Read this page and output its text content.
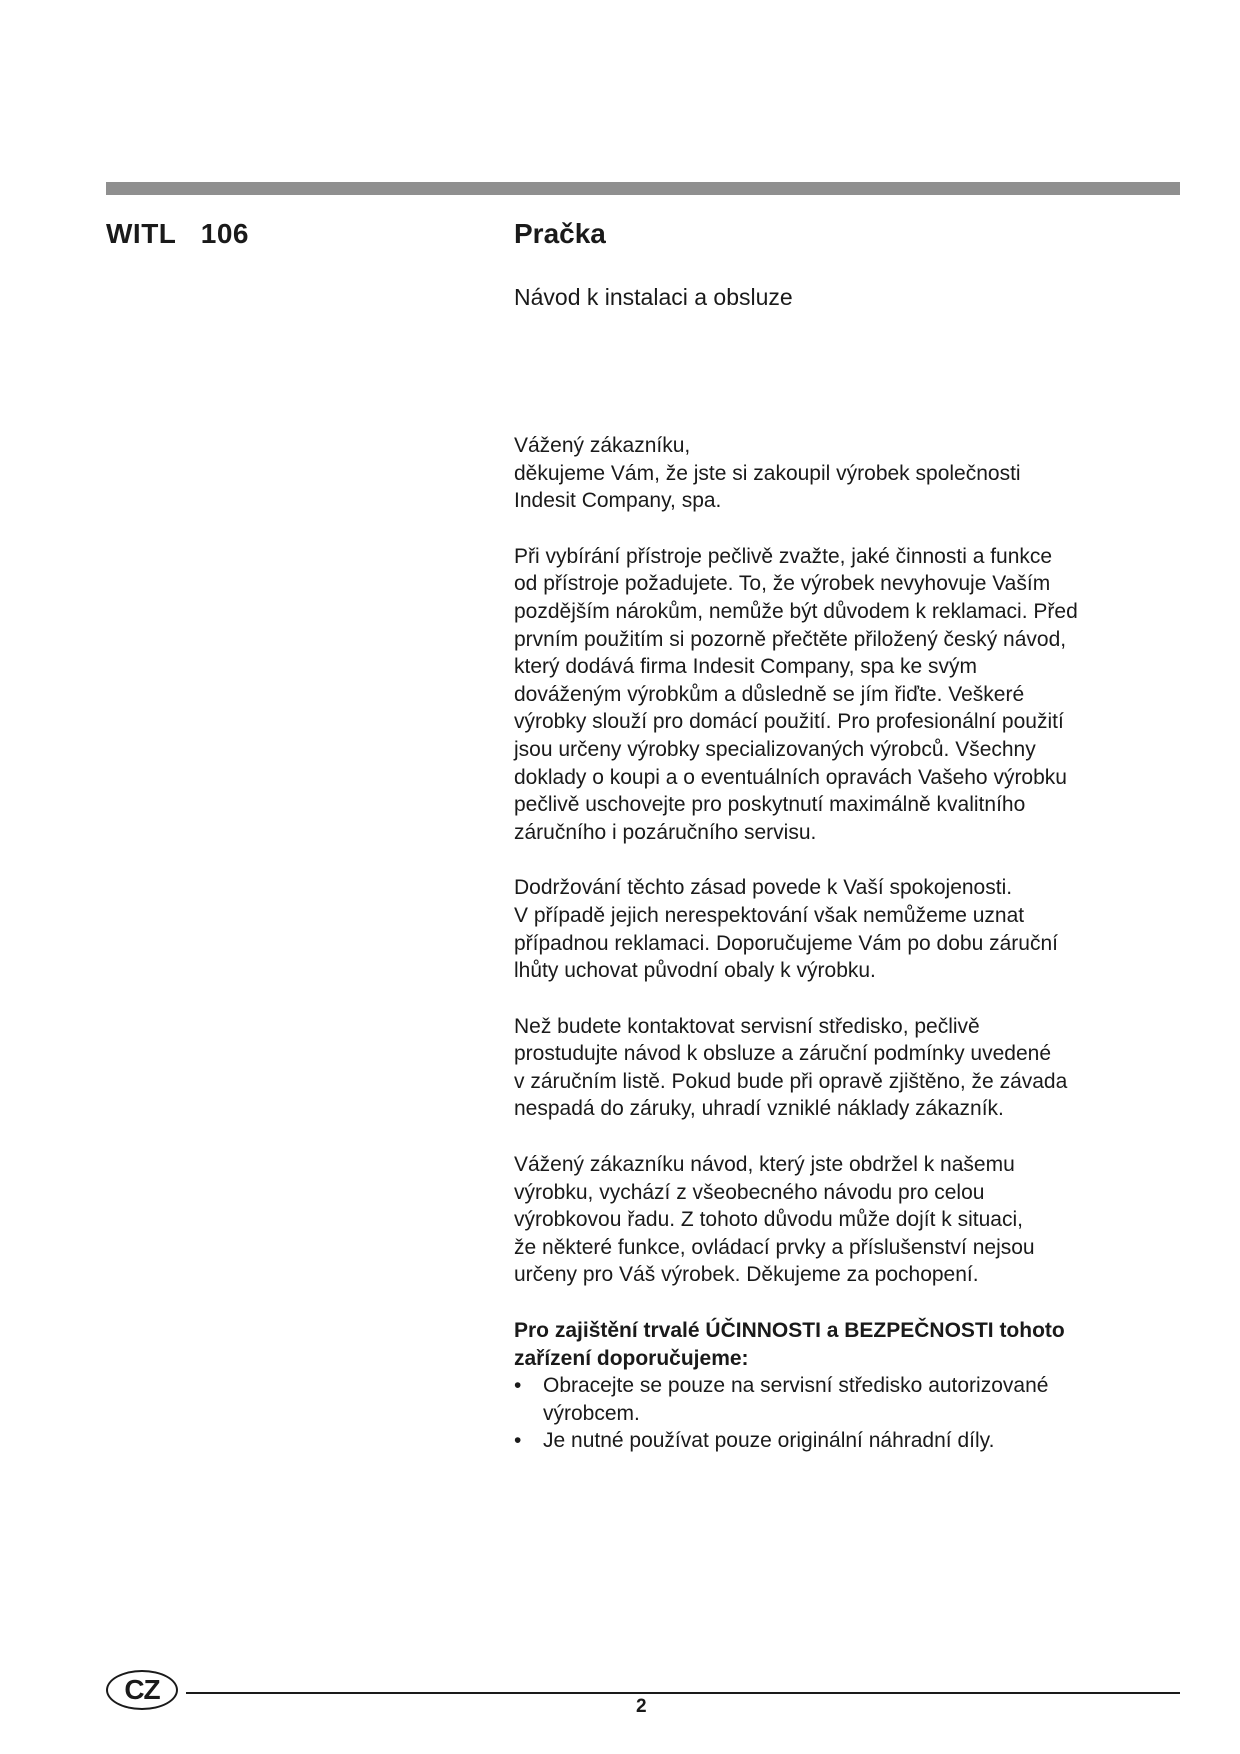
WITL   106	Pračka
Návod k instalaci a obsluze
Vážený zákazníku,
děkujeme Vám, že jste si zakoupil výrobek společnosti
Indesit Company, spa.
Při vybírání přístroje pečlivě zvažte, jaké činnosti a funkce
od přístroje požadujete. To, že výrobek nevyhovuje Vaším
pozdějším nárokům, nemůže být důvodem k reklamaci. Před
prvním použitím si pozorně přečtěte přiložený český návod,
který dodává firma Indesit Company, spa ke svým
dováženým výrobkům a důsledně se jím řiďte. Veškeré
výrobky slouží pro domácí použití. Pro profesionální použití
jsou určeny výrobky specializovaných výrobců. Všechny
doklady o koupi a o eventuálních opravách Vašeho výrobku
pečlivě uschovejte pro poskytnutí maximálně kvalitního
záručního i pozáručního servisu.
Dodržování těchto zásad povede k Vaší spokojenosti.
V případě jejich nerespektování však nemůžeme uznat
případnou reklamaci. Doporučujeme Vám po dobu záruční
lhůty uchovat původní obaly k výrobku.
Než budete kontaktovat servisní středisko, pečlivě
prostudujte návod k obsluze a záruční podmínky uvedené
v záručním listě. Pokud bude při opravě zjištěno, že závada
nespadá do záruky, uhradí vzniklé náklady zákazník.
Vážený zákazníku návod, který jste obdržel k našemu
výrobku, vychází z všeobecného návodu pro celou
výrobkovou řadu. Z tohoto důvodu může dojít k situaci,
že některé funkce, ovládací prvky a příslušenství nejsou
určeny pro Váš výrobek. Děkujeme za pochopení.
Pro zajištění trvalé ÚČINNOSTI a BEZPEČNOSTI tohoto
zařízení doporučujeme:
• Obracejte se pouze na servisní středisko autorizované
výrobcem.
• Je nutné používat pouze originální náhradní díly.
CZ
2
